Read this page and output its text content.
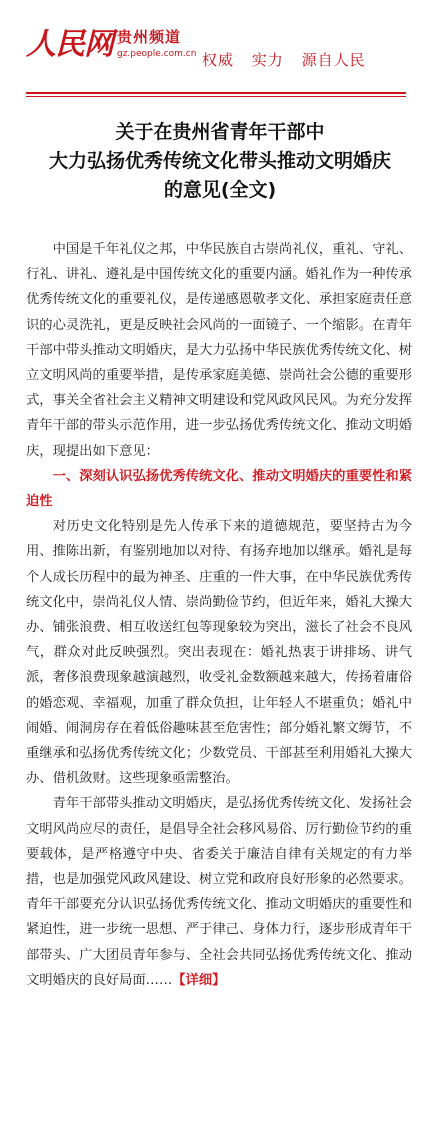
人民网 贵州频道
gz.people.com.cn 权威 实力 源自人民
关于在贵州省青年干部中
大力弘扬优秀传统文化带头推动文明婚庆
的意见(全文)

中国是千年礼仪之邦，中华民族自古崇尚礼仪，重礼、守礼、行礼、讲礼、遵礼是中国传统文化的重要内涵。婚礼作为一种传承优秀传统文化的重要礼仪，是传递感恩敬孝文化、承担家庭责任意识的心灵洗礼，更是反映社会风尚的一面镜子、一个缩影。在青年干部中带头推动文明婚庆，是大力弘扬中华民族优秀传统文化、树立文明风尚的重要举措，是传承家庭美德、崇尚社会公德的重要形式，事关全省社会主义精神文明建设和党风政风民风。为充分发挥青年干部的带头示范作用，进一步弘扬优秀传统文化、推动文明婚庆，现提出如下意见：

一、深刻认识弘扬优秀传统文化、推动文明婚庆的重要性和紧迫性

对历史文化特别是先人传承下来的道德规范，要坚持古为今用、推陈出新，有鉴别地加以对待、有扬弃地加以继承。婚礼是每个人成长历程中的最为神圣、庄重的一件大事，在中华民族优秀传统文化中，崇尚礼仪人情、崇尚勤俭节约，但近年来，婚礼大操大办、铺张浪费、相互收送红包等现象较为突出，滋长了社会不良风气，群众对此反映强烈。突出表现在：婚礼热衷于讲排场、讲气派，奢侈浪费现象越演越烈，收受礼金数额越来越大，传扬着庸俗的婚恋观、幸福观，加重了群众负担，让年轻人不堪重负；婚礼中闹婚、闹洞房存在着低俗趣味甚至危害性；部分婚礼繁文缛节，不重继承和弘扬优秀传统文化；少数党员、干部甚至利用婚礼大操大办、借机敛财。这些现象亟需整治。

青年干部带头推动文明婚庆，是弘扬优秀传统文化、发扬社会文明风尚应尽的责任，是倡导全社会移风易俗、厉行勤俭节约的重要载体，是严格遵守中央、省委关于廉洁自律有关规定的有力举措，也是加强党风政风建设、树立党和政府良好形象的必然要求。青年干部要充分认识弘扬优秀传统文化、推动文明婚庆的重要性和紧迫性，进一步统一思想、严于律己、身体力行，逐步形成青年干部带头、广大团员青年参与、全社会共同弘扬优秀传统文化、推动文明婚庆的良好局面……【详细】
